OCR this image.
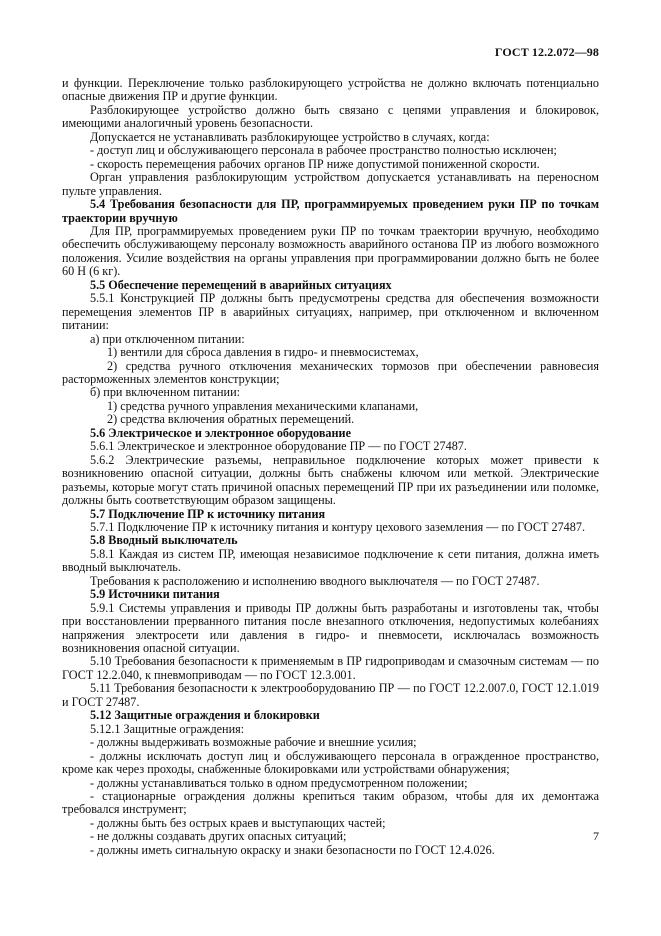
ГОСТ 12.2.072—98

и функции. Переключение только разблокирующего устройства не должно включать потенциально опасные движения ПР и другие функции.

Разблокирующее устройство должно быть связано с цепями управления и блокировок, имеющими аналогичный уровень безопасности.

Допускается не устанавливать разблокирующее устройство в случаях, когда:

- доступ лиц и обслуживающего персонала в рабочее пространство полностью исключен;

- скорость перемещения рабочих органов ПР ниже допустимой пониженной скорости.

Орган управления разблокирующим устройством допускается устанавливать на переносном пульте управления.

5.4 Требования безопасности для ПР, программируемых проведением руки ПР по точкам траектории вручную

Для ПР, программируемых проведением руки ПР по точкам траектории вручную, необходимо обеспечить обслуживающему персоналу возможность аварийного останова ПР из любого возможного положения. Усилие воздействия на органы управления при программировании должно быть не более 60 Н (6 кг).

5.5 Обеспечение перемещений в аварийных ситуациях

5.5.1 Конструкцией ПР должны быть предусмотрены средства для обеспечения возможности перемещения элементов ПР в аварийных ситуациях, например, при отключенном и включенном питании:

а) при отключенном питании:

1) вентили для сброса давления в гидро- и пневмосистемах,

2) средства ручного отключения механических тормозов при обеспечении равновесия расторможенных элементов конструкции;

б) при включенном питании:

1) средства ручного управления механическими клапанами,

2) средства включения обратных перемещений.

5.6 Электрическое и электронное оборудование

5.6.1 Электрическое и электронное оборудование ПР — по ГОСТ 27487.

5.6.2 Электрические разъемы, неправильное подключение которых может привести к возникновению опасной ситуации, должны быть снабжены ключом или меткой. Электрические разъемы, которые могут стать причиной опасных перемещений ПР при их разъединении или поломке, должны быть соответствующим образом защищены.

5.7 Подключение ПР к источнику питания

5.7.1 Подключение ПР к источнику питания и контуру цехового заземления — по ГОСТ 27487.

5.8 Вводный выключатель

5.8.1 Каждая из систем ПР, имеющая независимое подключение к сети питания, должна иметь вводный выключатель.

Требования к расположению и исполнению вводного выключателя — по ГОСТ 27487.

5.9 Источники питания

5.9.1 Системы управления и приводы ПР должны быть разработаны и изготовлены так, чтобы при восстановлении прерванного питания после внезапного отключения, недопустимых колебаниях напряжения электросети или давления в гидро- и пневмосети, исключалась возможность возникновения опасной ситуации.

5.10 Требования безопасности к применяемым в ПР гидроприводам и смазочным системам — по ГОСТ 12.2.040, к пневмоприводам — по ГОСТ 12.3.001.

5.11 Требования безопасности к электрооборудованию ПР — по ГОСТ 12.2.007.0, ГОСТ 12.1.019 и ГОСТ 27487.

5.12 Защитные ограждения и блокировки

5.12.1 Защитные ограждения:

- должны выдерживать возможные рабочие и внешние усилия;

- должны исключать доступ лиц и обслуживающего персонала в огражденное пространство, кроме как через проходы, снабженные блокировками или устройствами обнаружения;

- должны устанавливаться только в одном предусмотренном положении;

- стационарные ограждения должны крепиться таким образом, чтобы для их демонтажа требовался инструмент;

- должны быть без острых краев и выступающих частей;

- не должны создавать других опасных ситуаций;

- должны иметь сигнальную окраску и знаки безопасности по ГОСТ 12.4.026.

7
